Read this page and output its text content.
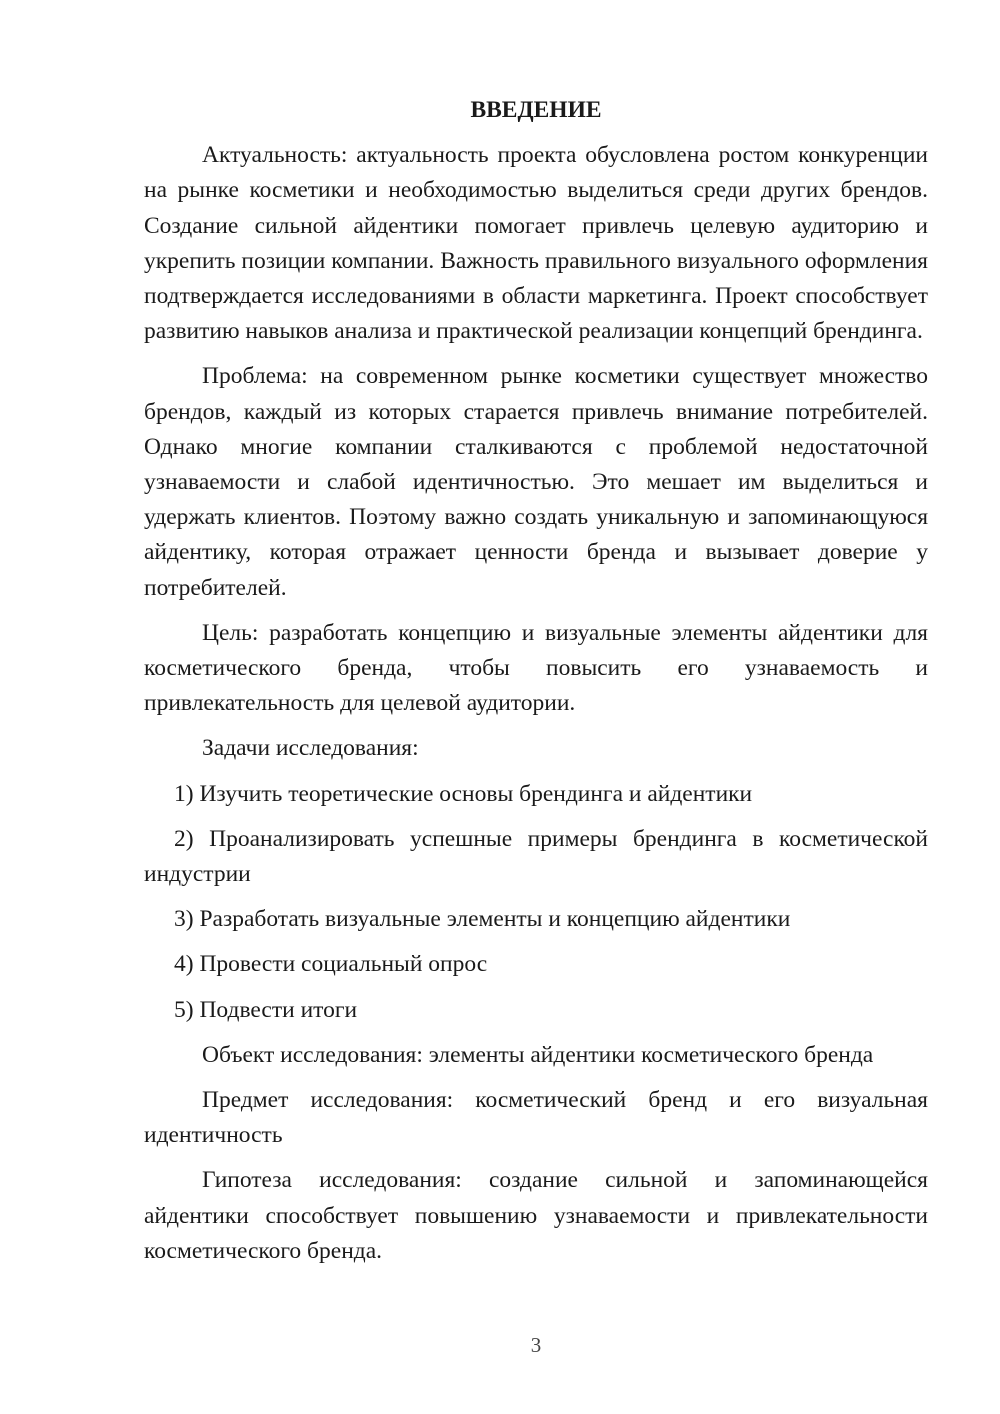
ВВЕДЕНИЕ

Актуальность: актуальность проекта обусловлена ростом конкуренции на рынке косметики и необходимостью выделиться среди других брендов. Создание сильной айдентики помогает привлечь целевую аудиторию и укрепить позиции компании. Важность правильного визуального оформления подтверждается исследованиями в области маркетинга. Проект способствует развитию навыков анализа и практической реализации концепций брендинга.

Проблема: на современном рынке косметики существует множество брендов, каждый из которых старается привлечь внимание потребителей. Однако многие компании сталкиваются с проблемой недостаточной узнаваемости и слабой идентичностью. Это мешает им выделиться и удержать клиентов. Поэтому важно создать уникальную и запоминающуюся айдентику, которая отражает ценности бренда и вызывает доверие у потребителей.

Цель: разработать концепцию и визуальные элементы айдентики для косметического бренда, чтобы повысить его узнаваемость и привлекательность для целевой аудитории.

Задачи исследования:

1) Изучить теоретические основы брендинга и айдентики

2) Проанализировать успешные примеры брендинга в косметической индустрии

3) Разработать визуальные элементы и концепцию айдентики

4) Провести социальный опрос

5) Подвести итоги

Объект исследования: элементы айдентики косметического бренда

Предмет исследования: косметический бренд и его визуальная идентичность

Гипотеза исследования: создание сильной и запоминающейся айдентики способствует повышению узнаваемости и привлекательности косметического бренда.

3
